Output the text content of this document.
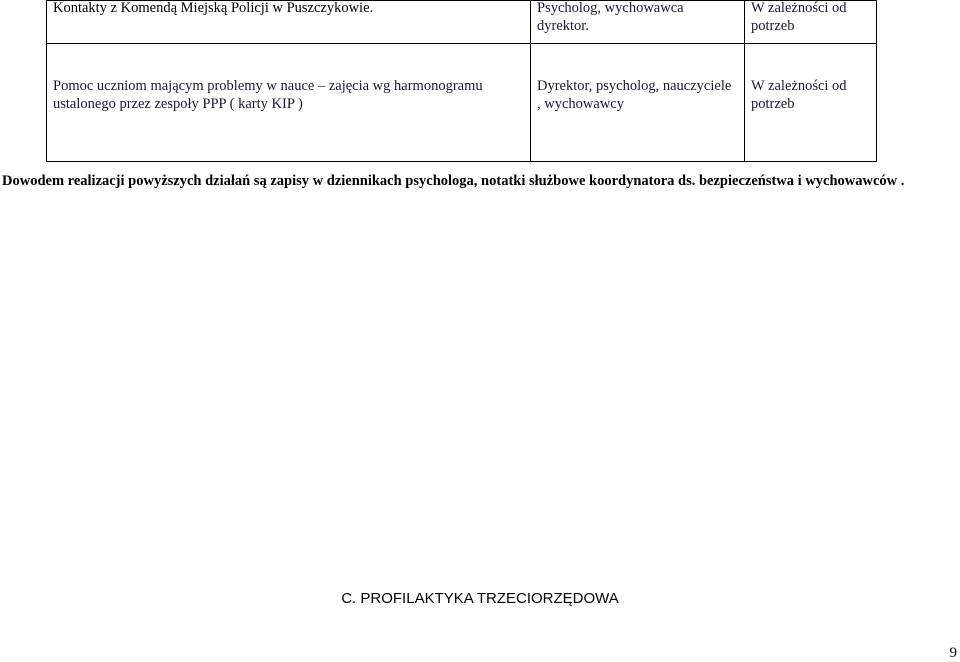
Kontakty z Komendą Miejską Policji w Puszczykowie.	Psycholog, wychowawca dyrektor.	W zależności od potrzeb

Pomoc uczniom mającym problemy w nauce – zajęcia wg harmonogramu ustalonego przez zespoły PPP ( karty KIP )	Dyrektor, psycholog, nauczyciele , wychowawcy	W zależności od potrzeb
Dowodem realizacji powyższych działań są zapisy w dziennikach psychologa, notatki służbowe koordynatora ds. bezpieczeństwa i wychowawców .
C. PROFILAKTYKA TRZECIORZĘDOWA
9
